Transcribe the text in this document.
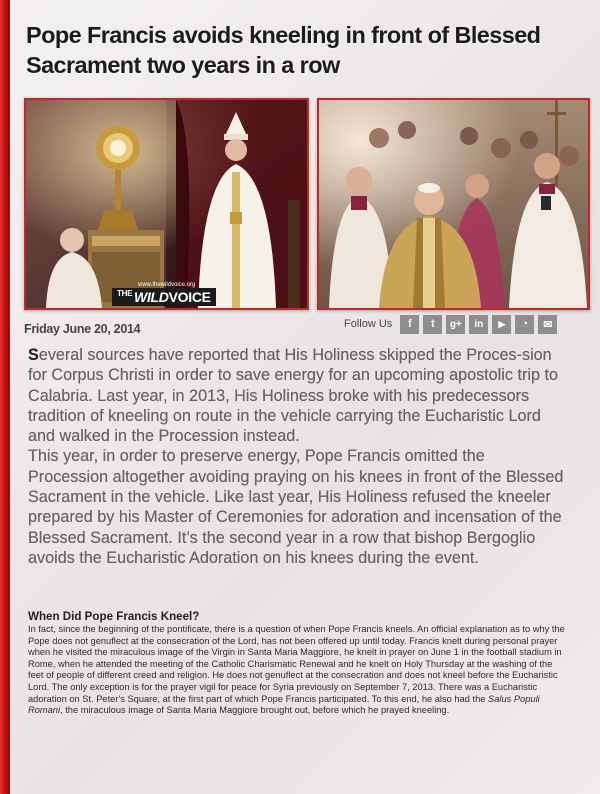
Pope Francis avoids kneeling in front of Blessed Sacrament two years in a row
www.thewildvoice.org
$^{THE}$ WILDVOICE
Friday June 20, 2014	Follow Us	f	t	g+	in	▶	◔	✉

Several sources have reported that His Holiness skipped the Proces-sion for Corpus Christi in order to save energy for an upcoming apostolic trip to Calabria. Last year, in 2013, His Holiness broke with his predecessors tradition of kneeling on route in the vehicle carrying the Eucharistic Lord and walked in the Procession instead.

This year, in order to preserve energy, Pope Francis omitted the Procession altogether avoiding praying on his knees in front of the Blessed Sacrament in the vehicle. Like last year, His Holiness refused the kneeler prepared by his Master of Ceremonies for adoration and incensation of the Blessed Sacrament. It’s the second year in a row that bishop Bergoglio avoids the Eucharistic Adoration on his knees during the event.

When Did Pope Francis Kneel?

In fact, since the beginning of the pontificate, there is a question of when Pope Francis kneels. An official explanation as to why the Pope does not genuflect at the consecration of the Lord, has not been offered up until today. Francis knelt during personal prayer when he visited the miraculous image of the Virgin in Santa Maria Maggiore, he knelt in prayer on June 1 in the football stadium in Rome, when he attended the meeting of the Catholic Charismatic Renewal and he knelt on Holy Thursday at the washing of the feet of people of different creed and religion. He does not genuflect at the consecration and does not kneel before the Eucharistic Lord. The only exception is for the prayer vigil for peace for Syria previously on September 7, 2013. There was a Eucharistic adoration on St. Peter's Square, at the first part of which Pope Francis participated. To this end, he also had the Salus Populi Romani, the miraculous image of Santa Maria Maggiore brought out, before which he prayed kneeling.
